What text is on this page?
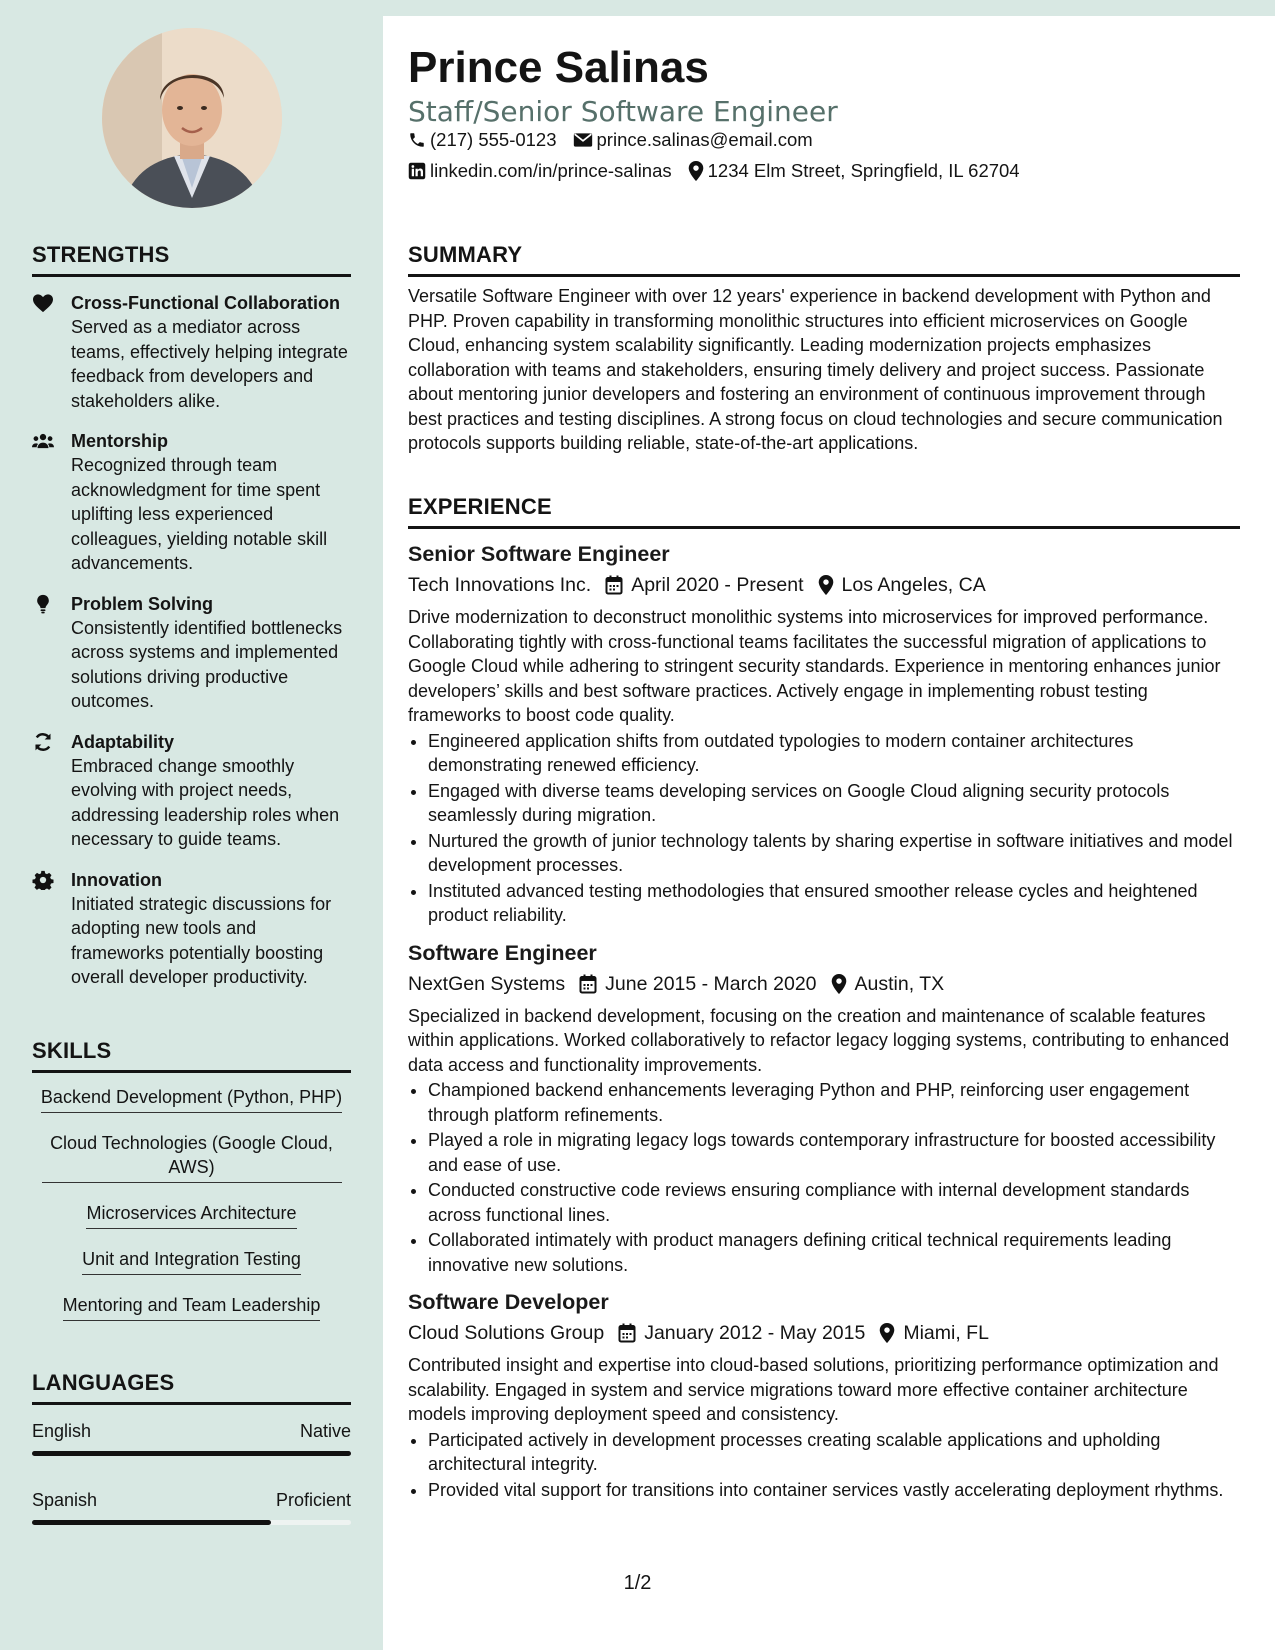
Prince Salinas
Staff/Senior Software Engineer
(217) 555-0123 prince.salinas@email.com
linkedin.com/in/prince-salinas 1234 Elm Street, Springfield, IL 62704
STRENGTHS
Cross-Functional Collaboration
Served as a mediator across teams, effectively helping integrate feedback from developers and stakeholders alike.
Mentorship
Recognized through team acknowledgment for time spent uplifting less experienced colleagues, yielding notable skill advancements.
Problem Solving
Consistently identified bottlenecks across systems and implemented solutions driving productive outcomes.
Adaptability
Embraced change smoothly evolving with project needs, addressing leadership roles when necessary to guide teams.
Innovation
Initiated strategic discussions for adopting new tools and frameworks potentially boosting overall developer productivity.
SKILLS
Backend Development (Python, PHP)
Cloud Technologies (Google Cloud, AWS)
Microservices Architecture
Unit and Integration Testing
Mentoring and Team Leadership
LANGUAGES
English	Native
Spanish	Proficient
SUMMARY

Versatile Software Engineer with over 12 years' experience in backend development with Python and PHP. Proven capability in transforming monolithic structures into efficient microservices on Google Cloud, enhancing system scalability significantly. Leading modernization projects emphasizes collaboration with teams and stakeholders, ensuring timely delivery and project success. Passionate about mentoring junior developers and fostering an environment of continuous improvement through best practices and testing disciplines. A strong focus on cloud technologies and secure communication protocols supports building reliable, state-of-the-art applications.

EXPERIENCE
Senior Software Engineer
Tech Innovations Inc. April 2020 - Present Los Angeles, CA

Drive modernization to deconstruct monolithic systems into microservices for improved performance. Collaborating tightly with cross-functional teams facilitates the successful migration of applications to Google Cloud while adhering to stringent security standards. Experience in mentoring enhances junior developers’ skills and best software practices. Actively engage in implementing robust testing frameworks to boost code quality.

• Engineered application shifts from outdated typologies to modern container architectures demonstrating renewed efficiency.
• Engaged with diverse teams developing services on Google Cloud aligning security protocols seamlessly during migration.
• Nurtured the growth of junior technology talents by sharing expertise in software initiatives and model development processes.
• Instituted advanced testing methodologies that ensured smoother release cycles and heightened product reliability.
Software Engineer
NextGen Systems June 2015 - March 2020 Austin, TX

Specialized in backend development, focusing on the creation and maintenance of scalable features within applications. Worked collaboratively to refactor legacy logging systems, contributing to enhanced data access and functionality improvements.

• Championed backend enhancements leveraging Python and PHP, reinforcing user engagement through platform refinements.
• Played a role in migrating legacy logs towards contemporary infrastructure for boosted accessibility and ease of use.
• Conducted constructive code reviews ensuring compliance with internal development standards across functional lines.
• Collaborated intimately with product managers defining critical technical requirements leading innovative new solutions.
Software Developer
Cloud Solutions Group January 2012 - May 2015 Miami, FL

Contributed insight and expertise into cloud-based solutions, prioritizing performance optimization and scalability. Engaged in system and service migrations toward more effective container architecture models improving deployment speed and consistency.

• Participated actively in development processes creating scalable applications and upholding architectural integrity.
• Provided vital support for transitions into container services vastly accelerating deployment rhythms.
1/2
